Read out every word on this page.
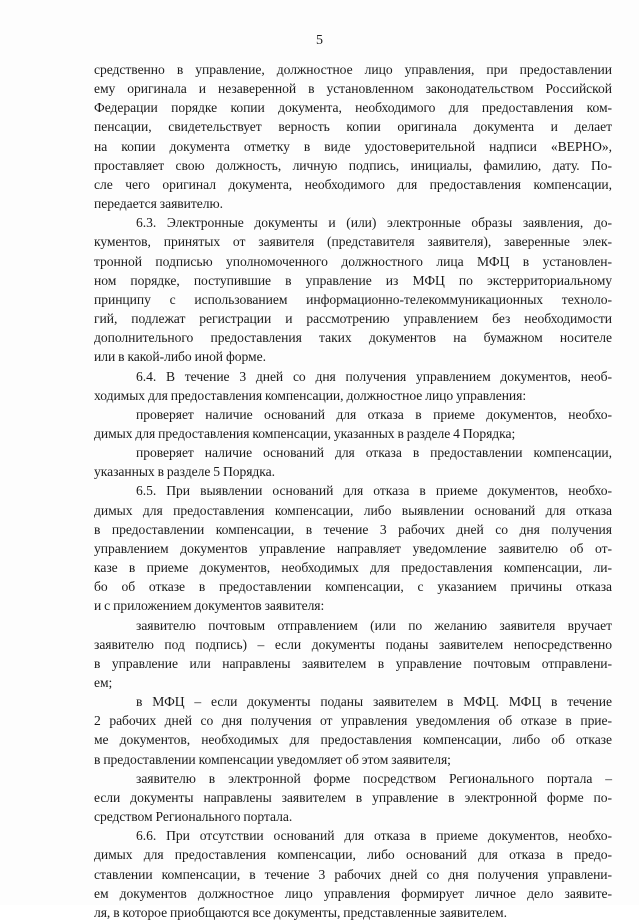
5

средственно в управление, должностное лицо управления, при предоставлении

ему оригинала и незаверенной в установленном законодательством Российской

Федерации порядке копии документа, необходимого для предоставления ком-

пенсации, свидетельствует верность копии оригинала документа и делает

на копии документа отметку в виде удостоверительной надписи «ВЕРНО»,

проставляет свою должность, личную подпись, инициалы, фамилию, дату. По-

сле чего оригинал документа, необходимого для предоставления компенсации,

передается заявителю.

6.3. Электронные документы и (или) электронные образы заявления, до-

кументов, принятых от заявителя (представителя заявителя), заверенные элек-

тронной подписью уполномоченного должностного лица МФЦ в установлен-

ном порядке, поступившие в управление из МФЦ по экстерриториальному

принципу с использованием информационно-телекоммуникационных техноло-

гий, подлежат регистрации и рассмотрению управлением без необходимости

дополнительного предоставления таких документов на бумажном носителе

или в какой-либо иной форме.

6.4. В течение 3 дней со дня получения управлением документов, необ-

ходимых для предоставления компенсации, должностное лицо управления:

проверяет наличие оснований для отказа в приеме документов, необхо-

димых для предоставления компенсации, указанных в разделе 4 Порядка;

проверяет наличие оснований для отказа в предоставлении компенсации,

указанных в разделе 5 Порядка.

6.5. При выявлении оснований для отказа в приеме документов, необхо-

димых для предоставления компенсации, либо выявлении оснований для отказа

в предоставлении компенсации, в течение 3 рабочих дней со дня получения

управлением документов управление направляет уведомление заявителю об от-

казе в приеме документов, необходимых для предоставления компенсации, ли-

бо об отказе в предоставлении компенсации, с указанием причины отказа

и с приложением документов заявителя:

заявителю почтовым отправлением (или по желанию заявителя вручает

заявителю под подпись) – если документы поданы заявителем непосредственно

в управление или направлены заявителем в управление почтовым отправлени-

ем;

в МФЦ – если документы поданы заявителем в МФЦ. МФЦ в течение

2 рабочих дней со дня получения от управления уведомления об отказе в прие-

ме документов, необходимых для предоставления компенсации, либо об отказе

в предоставлении компенсации уведомляет об этом заявителя;

заявителю в электронной форме посредством Регионального портала –

если документы направлены заявителем в управление в электронной форме по-

средством Регионального портала.

6.6. При отсутствии оснований для отказа в приеме документов, необхо-

димых для предоставления компенсации, либо оснований для отказа в предо-

ставлении компенсации, в течение 3 рабочих дней со дня получения управлени-

ем документов должностное лицо управления формирует личное дело заявите-

ля, в которое приобщаются все документы, представленные заявителем.
